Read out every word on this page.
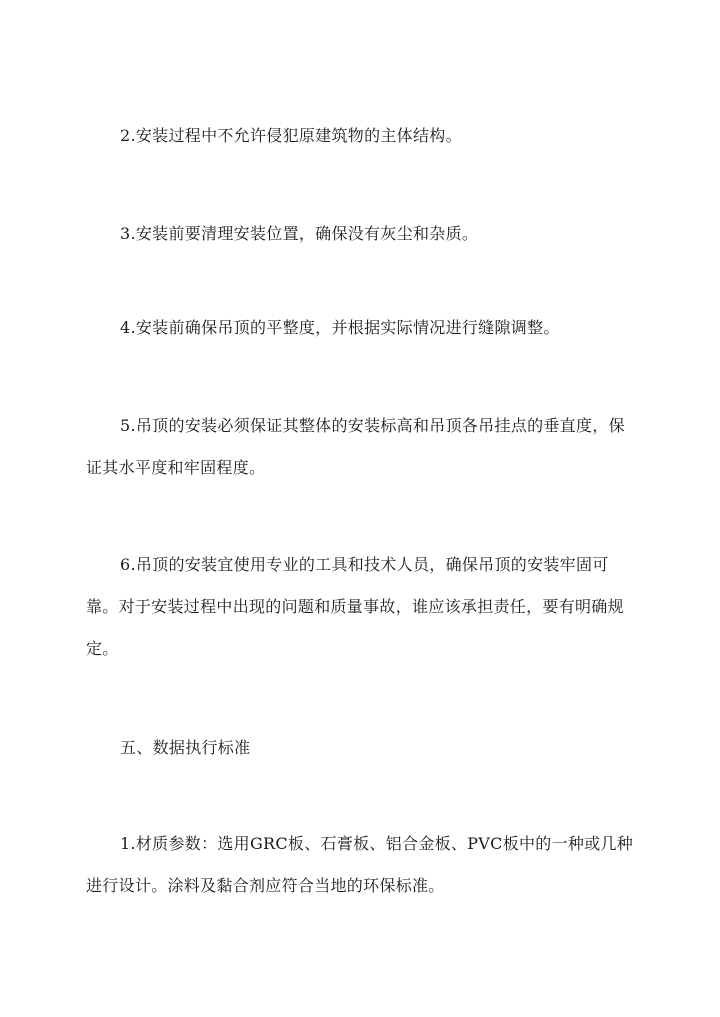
2.安装过程中不允许侵犯原建筑物的主体结构。

3.安装前要清理安装位置，确保没有灰尘和杂质。

4.安装前确保吊顶的平整度，并根据实际情况进行缝隙调整。

5.吊顶的安装必须保证其整体的安装标高和吊顶各吊挂点的垂直度，保证其水平度和牢固程度。

6.吊顶的安装宜使用专业的工具和技术人员，确保吊顶的安装牢固可靠。对于安装过程中出现的问题和质量事故，谁应该承担责任，要有明确规定。

五、数据执行标准

1.材质参数：选用GRC板、石膏板、铝合金板、PVC板中的一种或几种进行设计。涂料及黏合剂应符合当地的环保标准。
